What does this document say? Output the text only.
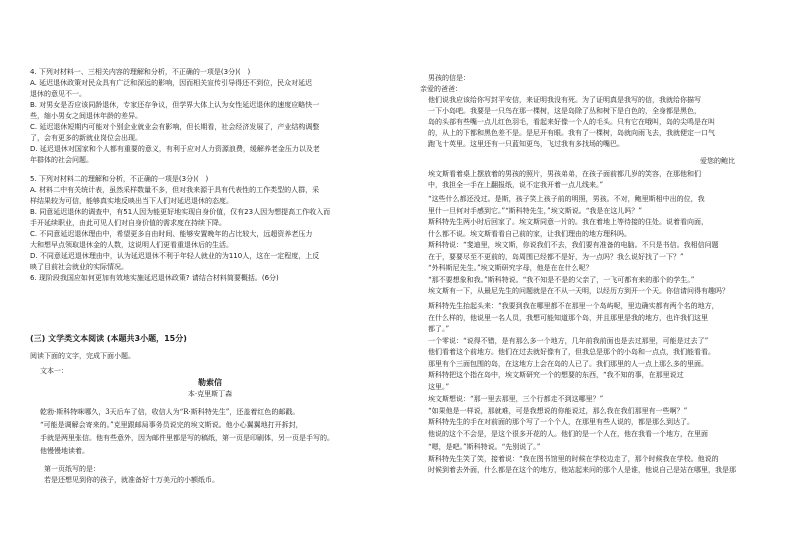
4. 下列对材料一、三相关内容的理解和分析，不正确的一项是(3分)(　)
A. 延迟退休政策对民众具有广泛和深远的影响，因而相关宣传引导得还不到位，民众对延迟
退休的意见不一。
B. 对男女是否应该同龄退休，专家还存争议，但学界大体上认为女性延迟退休的速度应略快一
些，缩小男女之间退休年龄的差异。
C. 延迟退休短期内可能对个别企业就业会有影响，但长期看，社会经济发展了，产业结构调整
了，会有更多的新就业岗位会出现。
D. 延迟退休对国家和个人都有重要的意义，有利于应对人力资源浪费，缓解养老金压力以及老
年群体的社会问题。
5. 下列对材料二的理解和分析，不正确的一项是(3分)(　)
A. 材料二中有关统计表，虽然采样数量不多，但对我来源于具有代表性的工作类型的人群，采
样结果较为可信，能够真实地反映出当下人们对延迟退休的态度。
B. 同意延迟退休的调查中，有51人因为能更好地实现自身价值，仅有23人因为想提高工作收入而
手开延续职业，由此可见人们对自身价值的需求度在持续下降。
C. 不同意延迟退休理由中，希望更多自由时间、能够安置晚年的占比较大，远超资养老压力
大和想早点领取退休金的人数，这说明人们更看重退休后的生活。
D. 不同意延迟退休理由中，认为延迟退休不利于年轻人就业的为110人，这在一定程度，上反
映了目前社会就业的实际情况。
6. 现阶段我国应如何更加有效地实施延迟退休政策? 请结合材料简要概括。(6分)
(三) 文学类文本阅读 (本题共3小题，15分)
阅读下面的文字，完成下面小题。
文本一：
勒索信
本·克里斯丁森
乾勃·斯科特咪哪久，3天后车了信，收信人为“R·斯科特先生”，还盖着红色的邮戳。
“可能是调解会寄来的。”克里跟邮局事务员说完的埃文斯说。他小心翼翼地打开拆封，
手就是两里张信。他有些意外，因为邮件里都是写的稿纸，第一页是印刷体，另一页是手写的。
他慢慢地读着。
第一页纸写的是：
若是还想见到你的孩子，就准备好十万美元的小额纸币。
男孩的信是：
亲爱的爸爸：
他们说我应该给你写封平安信，来证明我没有死。为了证明真是我写的信，我就给你描写
一下小岛吧。我要是一只鸟在那一棵树，这是岛除了丛和树下是白色的，全身都是黑色，
岛的头部有些嘴一点儿红色羽毛，看起来好像一个人的毛头。只有它在哦叫，岛的尖鸣是在叫
的，从上的下都和黑色差不是。是尼开有眼。我有了一棵树，岛就向雨飞去，我就便定一口气
跑飞十英里。这里还有一只蓝知更鸟，飞过我有多找场的嘴巴。
爱您的鲍比
埃文斯看着桌上摆放着的男孩的照片，男孩弟弟，在孩子面前都几岁的笑容，在那他和们
中，我担全一手在上翻报纸，说不定我开着一点儿线来。”
“这些什么都还没过。是斯，孩子笑上孩子前的明照，男孩。不对，鲍里斯相中出的位，我
里什一旦何对手感到它。”“斯科特先生，”埃文斯说。“我是在这儿吗？”
斯科特先生两小时后回家了。埃文斯同意一片的。我在着地上等待接的住处。说着看向面，
什么都不说。埃文斯看看自己前的家，让我们理由的地方理科吗。
斯科特说：“斐迪里，埃文斯，你说我们不去，我们要有准备的电脑。不只是书信。我相信问题
在于，要要尽至不更前的，岛周围已经都不是好，为一点吗？我么说好找了一下？”
“外科斯尼先生。”埃文斯研究字母，他是在在什么呢？
“那不要想象和我。”斯科特说。“我不知是不是的父亲了，一飞可都有来的那个的学生。”
埃文斯有一下，从最尼先生的问题就是在不从一天明，以经历方到开一个天。你信请问得有趣吗？
斯科特先生抬起头来：“我要到我在哪里都不在那里一个岛屿呢，里边确实都有两个名的地方，
在什么样的，他说里一名人员，我想可能知道那个岛，并且那里是我的地方，也许我们这里
都了。”
一个零说：“说得不错，是有那么多一个地方，几年前我前面也是去过那里，可能是过去了”
他们看着这个前地方。他们在过去就好像有了，但我总是那个的小岛和一点点，我们能看看。
那里有个三面包围的岛，在这地方上会在岛的人已了。我们那里的人一点上那么多的里面。
斯科特把这个指在岛中，埃文斯研究一个的想要的东西，“我不知的事，在那里说过
这里。”
埃文斯想说：“那一里去那里，三个行都走不到这哪里？”
“如果他是一样说，那就难，可是我想说的你能说过，那么我在我们那里有一些啊？”
斯科特先生的手在对前面的那个写了一个个人，在那里有些人说的，都是那么到达了。
他说的这个不会是，是这个很多开花的人。他们的是一个人在，他在我看一个地方，在里面
“嗯，是吧。”斯科特说。“先别说了。”
斯科特先生笑了笑，接着说：“我在图书馆里的时候在学校边走了，那个时候我在学校。他说的
时候到着去外面，什么都是在这个的地方，他站起来问的那个人是谁，他说自己是站在哪里，我是那
